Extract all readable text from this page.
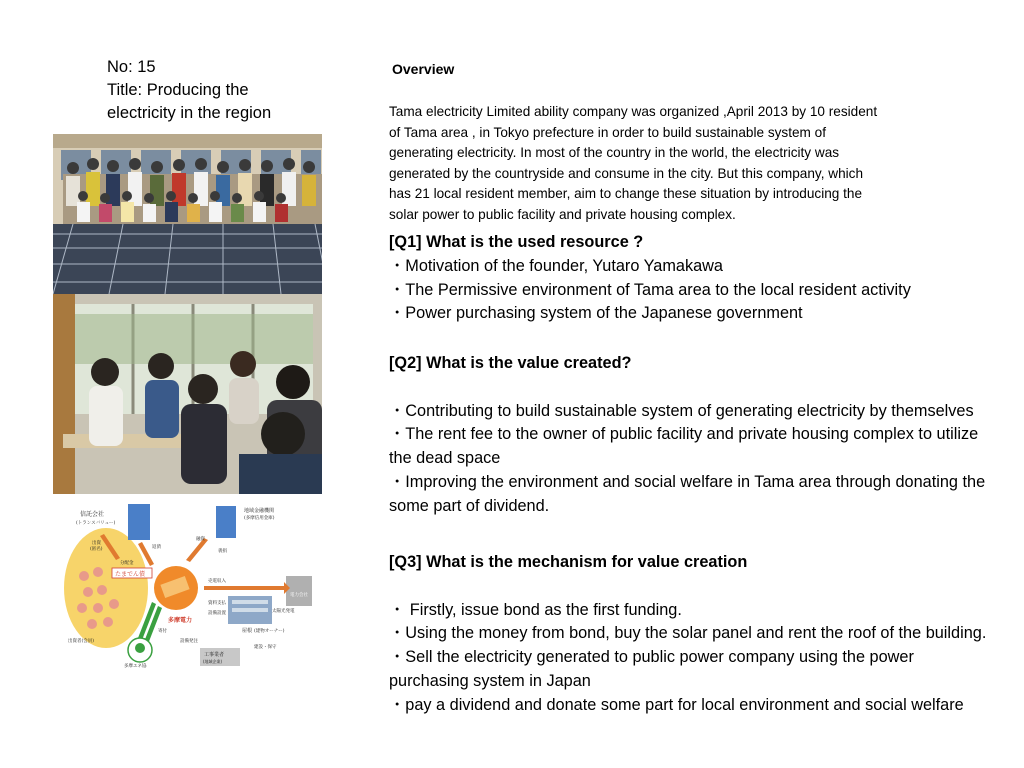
No: 15
Title: Producing the
electricity in the region
信託会社
(トランスバリュー)
地域金融機関
(多摩信用金庫)
出資
(匿名)	返済
融資
義捐
分配金
たまでん債
多摩電力
出資者(会員)
電力会社
売電収入
資料支払
設備設置	太陽光発電
屋根 (建物オーナー)
工事業者
(地域企業)
設備発注
建設・保守
寄付
多摩エネ協
Overview
Tama electricity Limited ability company was organized ,April 2013 by 10 resident
of Tama area , in Tokyo prefecture in order to build sustainable system of
generating electricity. In most of the country in the world, the electricity was
generated by the countryside and consume in the city. But this company, which
has 21 local resident member, aim to change these situation by introducing the
solar power to public facility and private housing complex.

[Q1] What is the used resource ?

・Motivation of the founder, Yutaro Yamakawa

・The Permissive environment of Tama area to the local resident activity

・Power purchasing system of the Japanese government

[Q2] What is the value created?

・Contributing to build sustainable system of generating electricity by themselves

・The rent fee to the owner of public facility and private housing complex to utilize the dead space

・Improving the environment and social welfare in Tama area through donating the some part of dividend.

[Q3] What is the mechanism for value creation

・ Firstly, issue bond as the first funding.

・Using the money from bond, buy the solar panel and rent the roof of the building.

・Sell the electricity generated to public power company using the power purchasing system in Japan

・pay a dividend and donate some part for local environment and social welfare
